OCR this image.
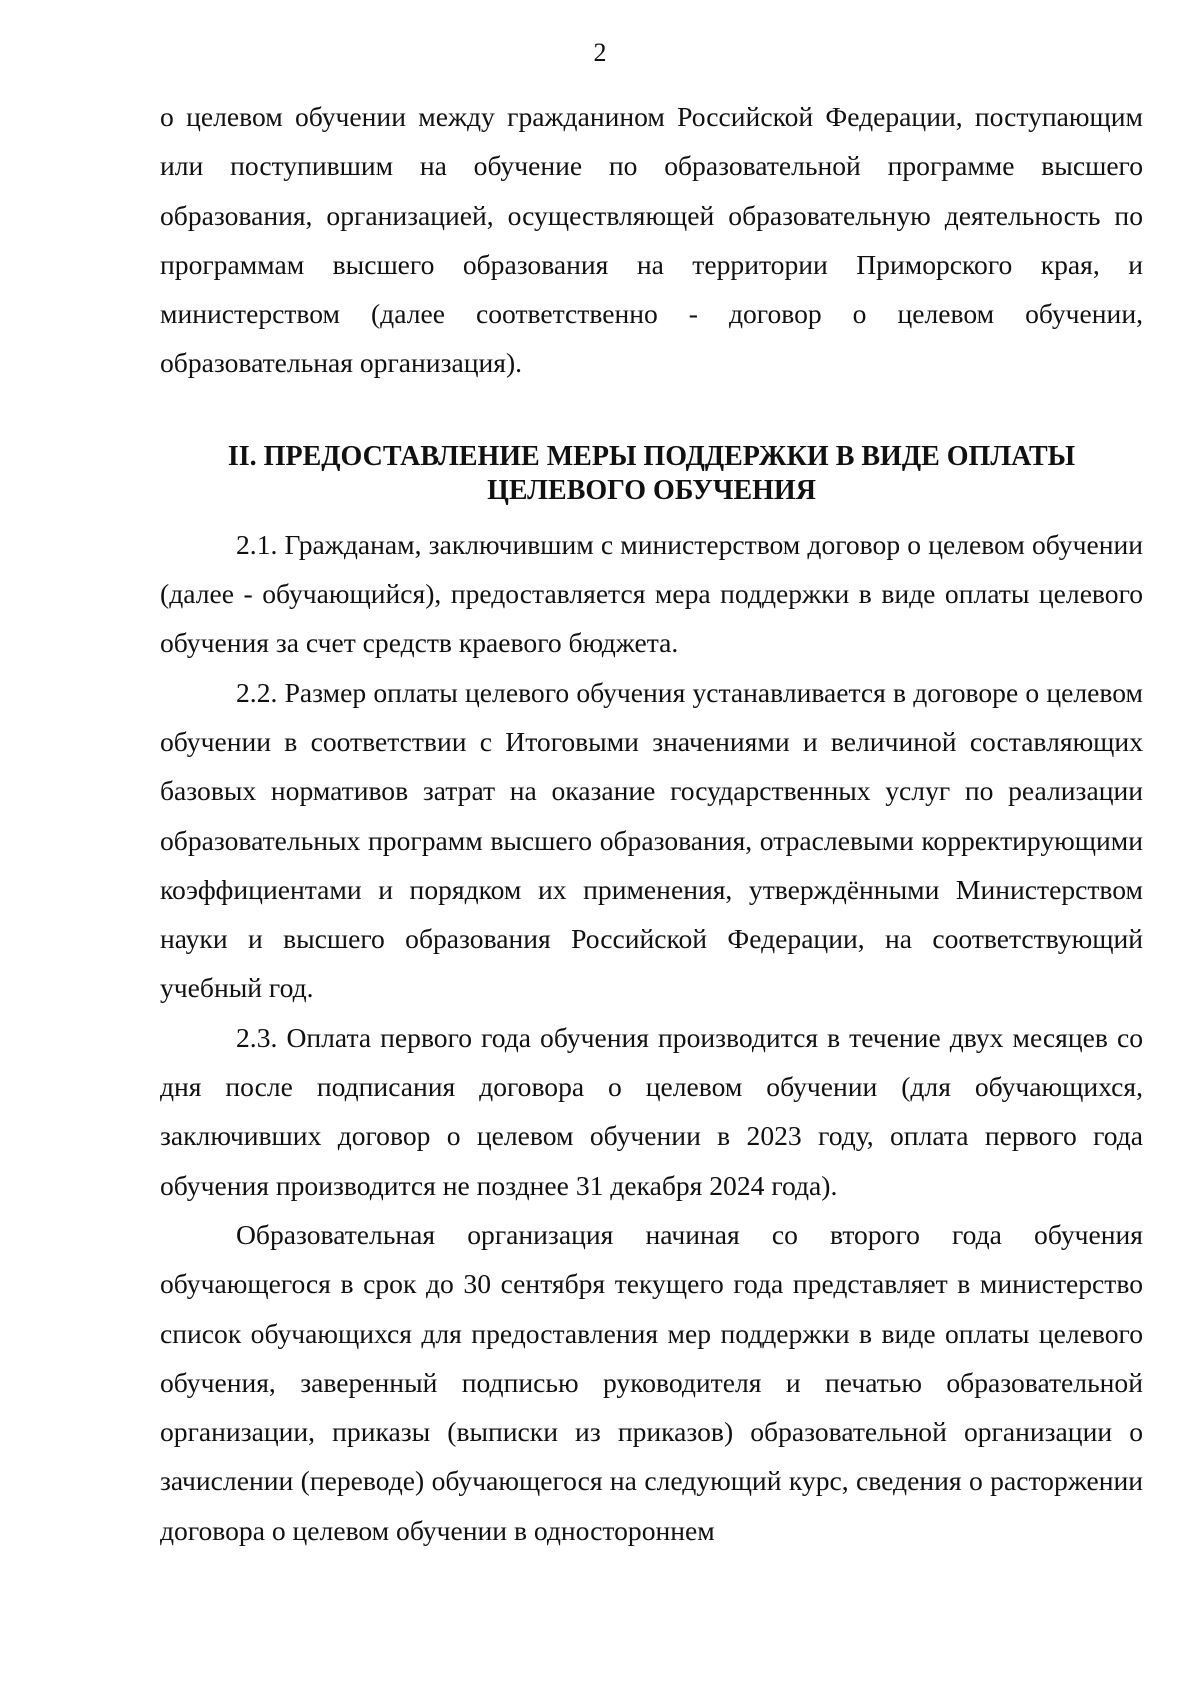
2

о целевом обучении между гражданином Российской Федерации, поступающим или поступившим на обучение по образовательной программе высшего образования, организацией, осуществляющей образовательную деятельность по программам высшего образования на территории Приморского края, и министерством (далее соответственно - договор о целевом обучении, образовательная организация).

II. ПРЕДОСТАВЛЕНИЕ МЕРЫ ПОДДЕРЖКИ В ВИДЕ ОПЛАТЫ
ЦЕЛЕВОГО ОБУЧЕНИЯ

2.1. Гражданам, заключившим с министерством договор о целевом обучении (далее - обучающийся), предоставляется мера поддержки в виде оплаты целевого обучения за счет средств краевого бюджета.

2.2. Размер оплаты целевого обучения устанавливается в договоре о целевом обучении в соответствии с Итоговыми значениями и величиной составляющих базовых нормативов затрат на оказание государственных услуг по реализации образовательных программ высшего образования, отраслевыми корректирующими коэффициентами и порядком их применения, утверждёнными Министерством науки и высшего образования Российской Федерации, на соответствующий учебный год.

2.3. Оплата первого года обучения производится в течение двух месяцев со дня после подписания договора о целевом обучении (для обучающихся, заключивших договор о целевом обучении в 2023 году, оплата первого года обучения производится не позднее 31 декабря 2024 года).

Образовательная организация начиная со второго года обучения обучающегося в срок до 30 сентября текущего года представляет в министерство список обучающихся для предоставления мер поддержки в виде оплаты целевого обучения, заверенный подписью руководителя и печатью образовательной организации, приказы (выписки из приказов) образовательной организации о зачислении (переводе) обучающегося на следующий курс, сведения о расторжении договора о целевом обучении в одностороннем
